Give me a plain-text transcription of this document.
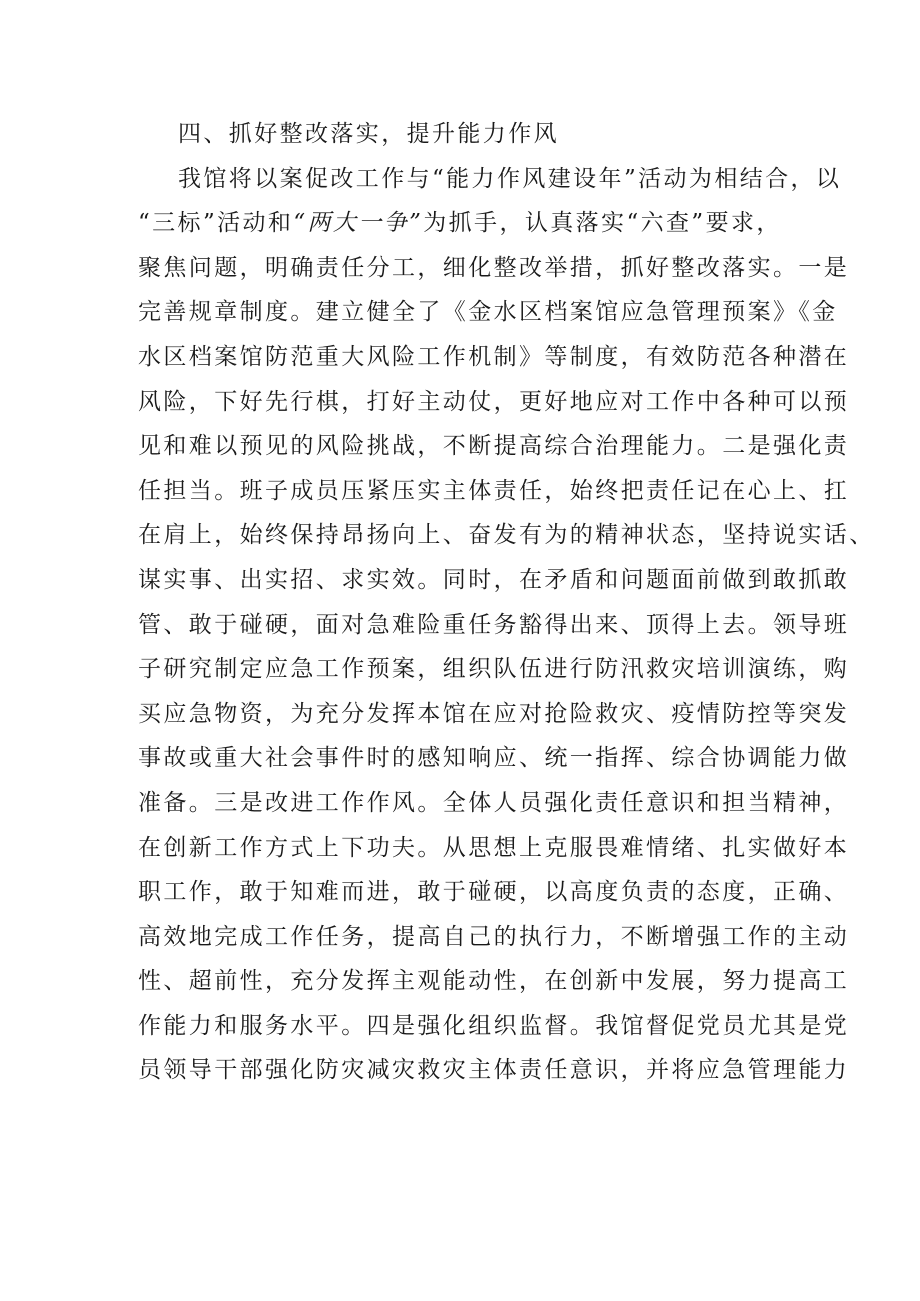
四、抓好整改落实，提升能力作风
我馆将以案促改工作与“能力作风建设年”活动为相结合，以
“三标”活动和“两大一争”为抓手，认真落实“六查”要求，
聚焦问题，明确责任分工，细化整改举措，抓好整改落实。一是
完善规章制度。建立健全了《金水区档案馆应急管理预案》《金
水区档案馆防范重大风险工作机制》等制度，有效防范各种潜在
风险，下好先行棋，打好主动仗，更好地应对工作中各种可以预
见和难以预见的风险挑战，不断提高综合治理能力。二是强化责
任担当。班子成员压紧压实主体责任，始终把责任记在心上、扛
在肩上，始终保持昂扬向上、奋发有为的精神状态，坚持说实话、
谋实事、出实招、求实效。同时，在矛盾和问题面前做到敢抓敢
管、敢于碰硬，面对急难险重任务豁得出来、顶得上去。领导班
子研究制定应急工作预案，组织队伍进行防汛救灾培训演练，购
买应急物资，为充分发挥本馆在应对抢险救灾、疫情防控等突发
事故或重大社会事件时的感知响应、统一指挥、综合协调能力做
准备。三是改进工作作风。全体人员强化责任意识和担当精神，
在创新工作方式上下功夫。从思想上克服畏难情绪、扎实做好本
职工作，敢于知难而进，敢于碰硬，以高度负责的态度，正确、
高效地完成工作任务，提高自己的执行力，不断增强工作的主动
性、超前性，充分发挥主观能动性，在创新中发展，努力提高工
作能力和服务水平。四是强化组织监督。我馆督促党员尤其是党
员领导干部强化防灾减灾救灾主体责任意识，并将应急管理能力
